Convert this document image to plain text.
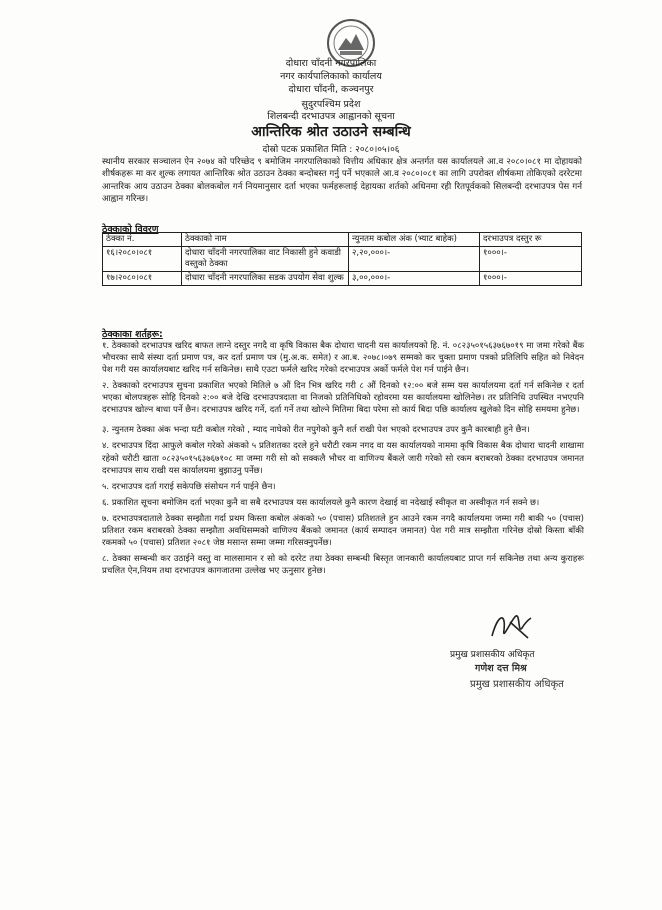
दोधारा चाँदनी नगरपालिका
नगर कार्यपालिकाको कार्यालय
दोधारा चाँदनी, कञ्चनपुर
सुदुरपश्चिम प्रदेश
शिलबन्दी दरभाउपत्र आह्वानको सूचना
आन्तिरिक श्रोत उठाउने सम्बन्धि
दोस्रो पटक प्रकाशित मिति : २०८०।०५।०६
स्थानीय सरकार सञ्चालन ऐन २०७४ को परिच्छेद ९ बमोजिम नगरपालिकाको वित्तीय अधिकार क्षेत्र अन्तर्गत यस कार्यालयले आ.व २०८०।०८१ मा दोहायको शीर्षकहरू मा कर शुल्क लगायत आन्तिरिक श्रोत उठाउन ठेक्का बन्दोबस्त गर्नु पर्ने भएकाले आ.व २०८०।०८१ का लागि उपरोक्त शीर्षकमा तोकिएको दररेटमा आन्तरिक आय उठाउन ठेक्का बोलकबोल गर्न नियमानुसार दर्ता भएका फर्महरूलाई देहायका शर्तको अधिनमा रही रितपूर्वकको सिलबन्दी दरभाउपत्र पेस गर्न आह्वान गरिन्छ।
ठेक्काको विवरण
ठेक्का नं.	ठेक्काको नाम	न्युनतम कबोल अंक (भ्याट बाहेक)	दरभाउपत्र दस्तुर रू
१६।२०८०।०८१	दोधारा चाँदनी नगरपालिका वाट निकासी हुने कवाडी वस्तुको ठेक्का	२,२०,०००।-	१०००।-
१७।२०८०।०८१	दोधारा चाँदनी नगरपालिका सडक उपयोग सेवा शुल्क	३,००,०००।-	१०००।-
ठेक्काका शर्तहरू:

१. ठेक्काको दरभाउपत्र खरिद बाफत लाग्ने दस्तुर नगदै वा कृषि विकास बैक दोधारा चादनी यस कार्यालयको हि. नं. ०८२३५०१५६३७६७०१९ मा जमा गरेको बैंक भौचरका साथै संस्था दर्ता प्रमाण पत्र, कर दर्ता प्रमाण पत्र (मु.अ.क. समेत) र आ.ब. २०७८।०७९ सम्मको कर चुक्ता प्रमाण पत्रको प्रतिलिपि सहित को निवेदन पेश गरी यस कार्यालयबाट खरिद गर्न सकिनेछ। साथै एउटा फर्मले खरिद गरेको दरभाउपत्र अर्को फर्मले पेश गर्न पाईने छैन।

२. ठेक्काको दरभाउपत्र सुचना प्रकाशित भएको मितिले ७ औं दिन भित्र खरिद गरी ८ औं दिनको १२:०० बजे सम्म यस कार्यालयमा दर्ता गर्न सकिनेछ र दर्ता भएका बोलपत्रहरू सोहि दिनको २:०० बजे देखि दरभाउपत्रदाता वा निजको प्रतिनिधिको रहोवरमा यस कार्यालयमा खोलिनेछ। तर प्रतिनिधि उपस्थित नभएपनि दरभाउपत्र खोल्न बाधा पर्ने छैन। दरभाउपत्र खरिद गर्ने, दर्ता गर्ने तथा खोल्ने मितिमा बिदा परेमा सो कार्य बिदा पछि कार्यालय खुलेको दिन सोहि समयमा हुनेछ।

३. न्युनतम ठेक्का अंक भन्दा घटी कबोल गरेको , म्याद नाघेको रीत नपुगेको कुनै शर्त राखी पेश भएको दरभाउपत्र उपर कुनै कारबाही हुने छैन।

४. दरभाउपत्र दिंदा आफुले कबोल गरेको अंकको ५ प्रतिशतका दरले हुने धरौटी रकम नगद वा यस कार्यालयको नाममा कृषि विकास बैक दोधारा चादनी शाखामा रहेको धरौटी खाता ०८२३५०१५६३७६७१०८ मा जम्मा गरी सो को सक्कलै भौचर वा वाणिज्य बैंकले जारी गरेको सो रकम बराबरको ठेक्का दरभाउपत्र जमानत दरभाउपत्र साथ राखी यस कार्यालयमा बुझाउनु पर्नेछ।

५. दरभाउपत्र दर्ता गराई सकेपछि संसोधन गर्न पाईने छैन।

६. प्रकाशित सूचना बमोजिम दर्ता भएका कुनै वा सबै दरभाउपत्र यस कार्यालयले कुनै कारण देखाई वा नदेखाई स्वीकृत वा अस्वीकृत गर्न सक्ने छ।

७. दरभाउपत्रदाताले ठेक्का सम्झौता गर्दा प्रथम किस्ता कबोल अंकको ५० (पचास) प्रतिशतले हुन आउने रकम नगदै कार्यालयमा जम्मा गरी बाकी ५० (पचास) प्रतिशत रकम बराबरको ठेक्का सम्झौता अवधिसम्मको वाणिज्य बैंकको जमानत (कार्य सम्पादन जमानत) पेश गरी मात्र सम्झौता गरिनेछ दोस्रो किस्ता बाँकी रकमको ५० (पचास) प्रतिशत २०८१ जेष्ठ मसान्त सम्मा जम्मा गरिसक्नुपर्नेछ।

८. ठेक्का सम्बन्धी कर उठाईने वस्तु वा मालसामान र सो को दररेट तथा ठेक्का सम्बन्धी बिस्तृत जानकारी कार्यालयबाट प्राप्त गर्न सकिनेछ तथा अन्य कुराहरू प्रचलित ऐन,नियम तथा दरभाउपत्र कागजातमा उल्लेख भए ऊनुसार हुनेछ।

प्रमुख प्रशासकीय अधिकृत
गणेश दत्त मिश्र
प्रमुख प्रशासकीय अधिकृत
